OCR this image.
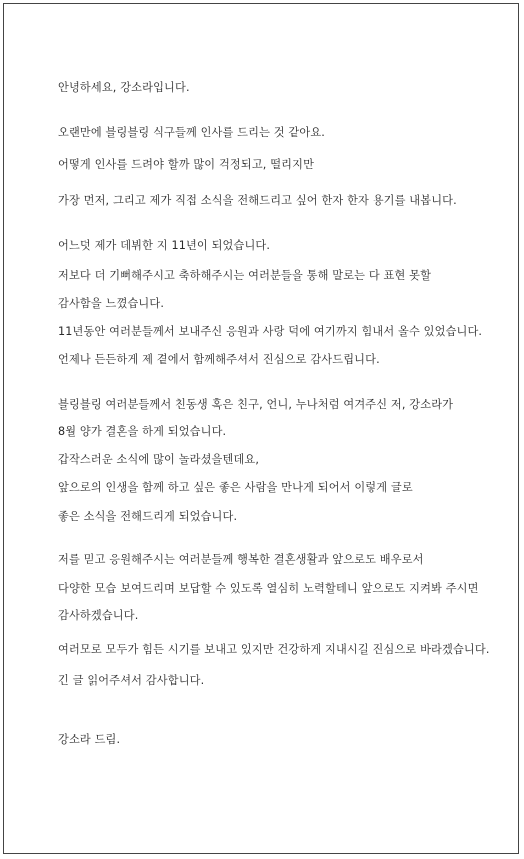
안녕하세요, 강소라입니다.
오랜만에 블링블링 식구들께 인사를 드리는 것 같아요.
어떻게 인사를 드려야 할까 많이 걱정되고, 떨리지만
가장 먼저, 그리고 제가 직접 소식을 전해드리고 싶어 한자 한자 용기를 내봅니다.
어느덧 제가 데뷔한 지 11년이 되었습니다.
저보다 더 기뻐해주시고 축하해주시는 여러분들을 통해 말로는 다 표현 못할
감사함을 느꼈습니다.
11년동안 여러분들께서 보내주신 응원과 사랑 덕에 여기까지 힘내서 올수 있었습니다.
언제나 든든하게 제 곁에서 함께해주셔서 진심으로 감사드립니다.
블링블링 여러분들께서 친동생 혹은 친구, 언니, 누나처럼 여겨주신 저, 강소라가
8월 양가 결혼을 하게 되었습니다.
갑작스러운 소식에 많이 놀라셨을텐데요,
앞으로의 인생을 함께 하고 싶은 좋은 사람을 만나게 되어서 이렇게 글로
좋은 소식을 전해드리게 되었습니다.
저를 믿고 응원해주시는 여러분들께 행복한 결혼생활과 앞으로도 배우로서
다양한 모습 보여드리며 보답할 수 있도록 열심히 노력할테니 앞으로도 지켜봐 주시면
감사하겠습니다.
여러모로 모두가 힘든 시기를 보내고 있지만 건강하게 지내시길 진심으로 바라겠습니다.
긴 글 읽어주셔서 감사합니다.
강소라 드림.
